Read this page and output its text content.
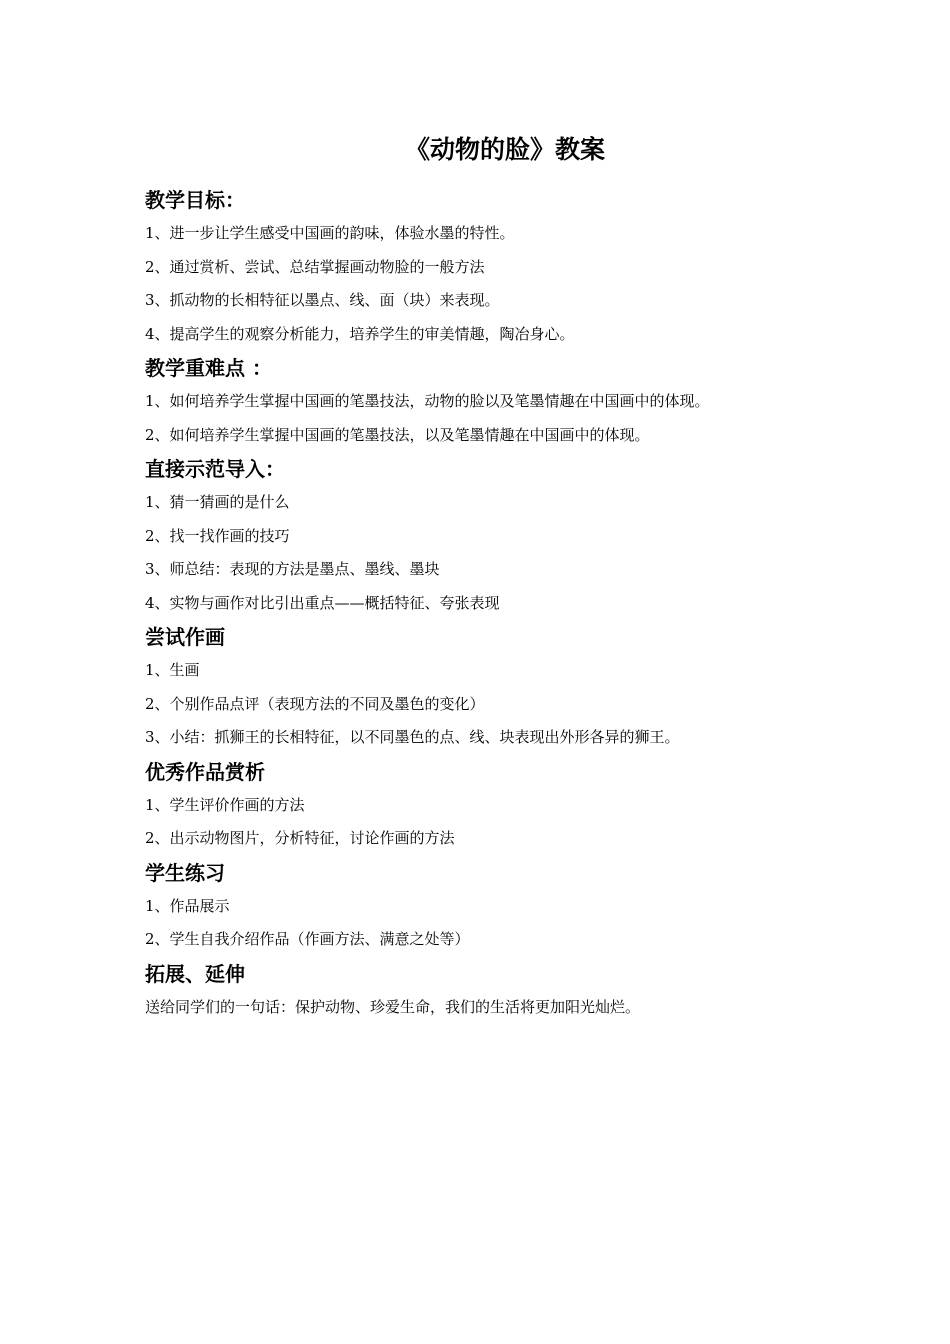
《动物的脸》教案
教学目标：
1、进一步让学生感受中国画的韵味，体验水墨的特性。
2、通过赏析、尝试、总结掌握画动物脸的一般方法
3、抓动物的长相特征以墨点、线、面（块）来表现。
4、提高学生的观察分析能力，培养学生的审美情趣，陶冶身心。
教学重难点 ：
1、如何培养学生掌握中国画的笔墨技法，动物的脸以及笔墨情趣在中国画中的体现。
2、如何培养学生掌握中国画的笔墨技法，以及笔墨情趣在中国画中的体现。
直接示范导入：
1、猜一猜画的是什么
2、找一找作画的技巧
3、师总结：表现的方法是墨点、墨线、墨块
4、实物与画作对比引出重点——概括特征、夸张表现
尝试作画
1、生画
2、个别作品点评（表现方法的不同及墨色的变化）
3、小结：抓狮王的长相特征，以不同墨色的点、线、块表现出外形各异的狮王。
优秀作品赏析
1、学生评价作画的方法
2、出示动物图片，分析特征，讨论作画的方法
学生练习
1、作品展示
2、学生自我介绍作品（作画方法、满意之处等）
拓展、延伸
送给同学们的一句话：保护动物、珍爱生命，我们的生活将更加阳光灿烂。
